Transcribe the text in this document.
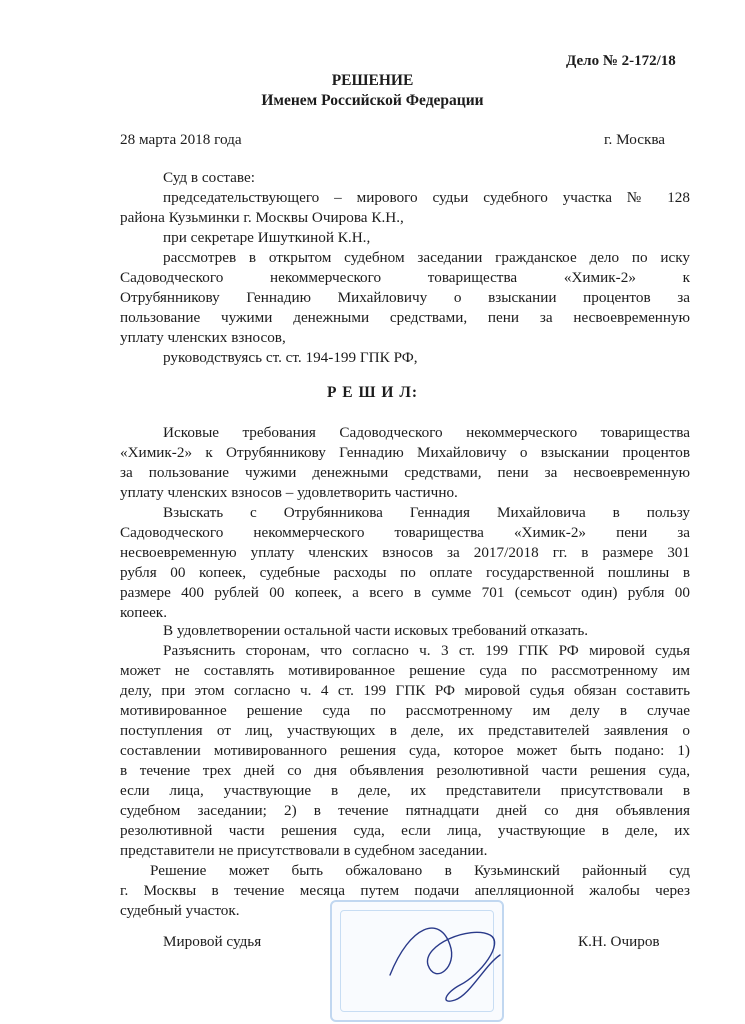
Дело № 2-172/18
РЕШЕНИЕ
Именем Российской Федерации
28 марта 2018 года	г. Москва
Суд в составе:
председательствующего – мирового судьи судебного участка № 128
района Кузьминки г. Москвы Очирова К.Н.,
при секретаре Ишуткиной К.Н.,
рассмотрев в открытом судебном заседании гражданское дело по иску
Садоводческого некоммерческого товарищества «Химик-2» к
Отрубянникову Геннадию Михайловичу о взыскании процентов за
пользование чужими денежными средствами, пени за несвоевременную
уплату членских взносов,
руководствуясь ст. ст. 194-199 ГПК РФ,
Р Е Ш И Л:
Исковые требования Садоводческого некоммерческого товарищества
«Химик-2» к Отрубянникову Геннадию Михайловичу о взыскании процентов
за пользование чужими денежными средствами, пени за несвоевременную
уплату членских взносов – удовлетворить частично.
Взыскать с Отрубянникова Геннадия Михайловича в пользу
Садоводческого некоммерческого товарищества «Химик-2» пени за
несвоевременную уплату членских взносов за 2017/2018 гг. в размере 301
рубля 00 копеек, судебные расходы по оплате государственной пошлины в
размере 400 рублей 00 копеек, а всего в сумме 701 (семьсот один) рубля 00
копеек.
В удовлетворении остальной части исковых требований отказать.
Разъяснить сторонам, что согласно ч. 3 ст. 199 ГПК РФ мировой судья
может не составлять мотивированное решение суда по рассмотренному им
делу, при этом согласно ч. 4 ст. 199 ГПК РФ мировой судья обязан составить
мотивированное решение суда по рассмотренному им делу в случае
поступления от лиц, участвующих в деле, их представителей заявления о
составлении мотивированного решения суда, которое может быть подано: 1)
в течение трех дней со дня объявления резолютивной части решения суда,
если лица, участвующие в деле, их представители присутствовали в
судебном заседании; 2) в течение пятнадцати дней со дня объявления
резолютивной части решения суда, если лица, участвующие в деле, их
представители не присутствовали в судебном заседании.
Решение может быть обжаловано в Кузьминский районный суд
г. Москвы в течение месяца путем подачи апелляционной жалобы через
судебный участок.
Мировой судья	К.Н. Очиров
